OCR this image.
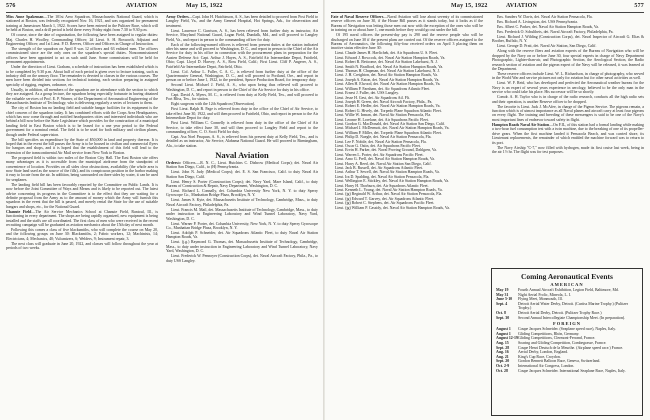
576	AVIATION	May 15, 1922

Miss Anne Spakeman—The 101st Aero Squadron, Massachusetts National Guard, which is stationed at Boston, was federally recognized Nov. 16, 1921, and was organized for permanent training at Jamestown March 1, 1922. Scores have been entered in the Pulitzer Race, which will be held at Boston, and a drill period is held there every Friday night from 7.30 to 9.30 p.m.

Of course, since the date of organization, the following have been assigned to regular duties: Maj. Charles H. Woolley, Commanding Officer; 2d Lieut. S. H. Bosworth, Adjutant and Engineering Officer; and 1st Lieut. P. D. Reeves, Officer and Officers in Charge of Instruction.

The strength of the squadron on April 8 was 12 officers and 63 enlisted men. The officers commissioned since are the only ones on the squadron's special duties. Noncommissioned officers have been appointed to act as such until June. Some commissions will be held for permanent appointments.

Under the direction of Lieut. Graham, a schedule of instruction has been established which is to be completed by 9.30 p.m. About half of each period is given over to lecture training, such as industry drill on the armory floor. The remainder is devoted to classes in the various courses. The men have been divided into sections for technical training, each section preparing in assigned specialty of rigging, engines, ordnance, etc.

Usually, in addition, all members of the squadron are in attendance with the section to which they are assigned. As a group lecture, the squadron being especially fortunate in having obtained the valuable services of Prof. E. P. Warner, of the Department of Aeronautical Engineering of the Massachusetts Institute of Technology, who is delivering regularly a series of lectures to them.

The city of Boston has no landing field and suitable hangar facilities for its equipment is the chief concern of the squadron today. It has combined efforts with the Corps Area Headquarters, which has now come through and notified headquarters cities and interested individuals who are behind a bill now before the State Legislature which provides for the construction of a municipal landing field in East Boston which is to be leased for a one year period to the Federal government for a nominal rental. The field is to be used for both military and civilian planes, though under Federal supervision.

The bill specifies an expenditure by the State of $50,000 in land and property thereon. It is hoped that in the event the bill passes the Army is to be housed in civilian and commercial flyers for hangars and shops, and it is hoped that the establishment of this field will lead to the extension of the transcontinental Air Mail service from New York to Boston.

The proposed field is within two miles of the Boston City Hall. The East Boston site offers many advantages as it is accessible from the municipal airdrome from the standpoint of convenience of location. Provides on all sides clear obstructions, availability (the whole area is now State land used as the source of the fills), and its conspicuous position in the harbor making it easy to locate from the air. In addition, being surrounded on three sides by water, it can be used for seaplanes.

The landing field bill has been favorably reported by the Committee on Public Lands. It is now before the Joint Committee of Ways and Means and is likely to be reported out. The latest advice concerning its progress in the Committee is to the effect that they are waiting for a definite proposal from the Army as to the amount of money which the Army will furnish this squadron in the event that the bill is passed, and merely rental the State for the use of suitable hangars and shops, etc., for the National Guard.

Chanute Field—The Air Service Mechanics School at Chanute Field, Rantoul, Ill., is functioning in every department. The shops are being rapidly organized, new equipment is being installed and the staffs are all coordinated. The first class of men who were received in the recent recruiting campaign will be graduated as aviation mechanics about the 15th day of next month.

Following this comes a class of five blacksmiths, who will complete the course on May 20, and the following groups on June 30: Blacksmiths, 2; Fabric workers, 12; Machinists, 14; Electricians, 4; Mechanics, 40; Vulcanizers, 6; Welders, 9; Instrument repair, 3.

The next class will graduate in June 20, 1922, and classes will follow throughout the year at periods of two weeks.

Army Orders—Capt. John H. Hutchinson, A. S., has been detailed to proceed from Post Field to Langley Field, Va., and the Army General Hospital, Hot Springs, Ark., for observation and treatment.

Lieut. Laurence C. Garrison, A. S., has been relieved from further duty as instructor, Air Service, Maryland National Guard, Logan Field, Dundalk, Md., and will proceed to Langley Field, Va., and report in person to the commanding officer for duty.

Each of the following-named officers is relieved from present duties at the station indicated after his name and will proceed to Washington, D. C., and report in person to the Chief of the Air Service for duty in his office in connection with the procurement plans in preparation for the Austen Defense Act: Capt. Arthur J. Hayes, A. S., Fairfield Air Intermediate Depot, Fairfield, Ohio; Capt. Lloyd D. Harvey, A. S., Ross Field, Calif.; First Lieut. Cliff P. Angerer, A. S., Fairfield Air Intermediate Depot, Fairfield, Ohio.

Lieut. Col. Arthur L. Fuller, C. A. C., is relieved from further duty at the office of the Quartermaster General, Washington, D. C., and will proceed to Portland, Ore., and report in person on or before June 1, 1922, to the president, Spruce Production Board, for temporary duty.

Second Lieut. Michael J. Fiehl, A. S., who upon being thus relieved will proceed to Washington, D. C., and report in person to the Chief of the Air Service for duty in his office.

Capt. David A. Myers, M. C., is relieved from duty at Kelly Field, Tex., and will proceed to Fort Bliss, Tex., for station.

Eight surgeons with the 12th Squadron (Observation).

First Lieut. Ralph B. Page is relieved from duty in the office of the Chief of Air Service, to take effect June 30, 1922, and will then proceed to Fairfield, Ohio, and report in person to the Air Intermediate Depot for duty.

First Lieut. William C. Connelly is relieved from duty in the office of the Chief of Air Service, to take effect June 30, and will then proceed to Langley Field and report to the commanding officer, C. O. Scott Field for duty.

Capt. Asa Noel Pasquan, A. S., is relieved from his present duty at Kelly Field, Tex., and is detailed as an instructor, Air Service, Alabama National Guard. He will proceed to Birmingham, Ala., to take station.

Naval Aviation

Ordersto Officers.—R. N. C., Lieut. Hutchins C. Disbrow (Medical Corps); det. Naval Air Station San Diego, Calif., to (H) Pennsylvania.

Lieut. John N. Judy (Medical Corps); det. E. S. San Francisco, Calif. to duty Naval Air Station San Diego, Calif.

Lieut. Henry S. Porter (Construction Corps); det. Navy Yard, Mare Island, Calif., to duty Bureau of Construction & Repair, Navy Department, Washington, D. C.

Lieut. Richard L. Connally, det. Columbia University New York, N. Y. to duty Sperry Gyroscope Co., Manhattan Bridge Plaza, Brooklyn, N. Y.

Lieut. James S. Kyte, det. Massachusetts Institute of Technology, Cambridge, Mass., to duty Naval Aircraft Factory, Philadelphia, Pa.

Lieut. Francis M. Mail, det. Massachusetts Institute of Technology, Cambridge, Mass., to duty under instruction in Engineering Laboratory and Wind Tunnel Laboratory, Navy Yard, Washington, D. C.

Lieut. Warner P. Porter, det. Columbia University, New York, N. Y. to duty Sperry Gyroscope Co., Manhattan Bridge Plaza, Brooklyn, N. Y.

Lieut. Adolph P. Schneider, det. Air Squadrons Atlantic Fleet, to duty Naval Air Station Hampton Roads, Va.

Lieut. (j.g.) Raymond G. Thomas, det. Massachusetts Institute of Technology, Cambridge, Mass., to duty under instruction in Engineering Laboratory and Wind Tunnel Laboratory, Navy Yard, Washington, D. C.

Lieut. Frederick W. Pennoyer (Construction Corps), det. Naval Aircraft Factory, Phila., Pa., to duty USS Langley.

May 15, 1922	AVIATION	577

Fate of Naval Reserve Officers—Naval Aviation will lose about seventy of its commissioned reserve officers on June 30, if the House Bill passes as it stands today, but it looks as if the Bureau of Navigation was letting those men out now with the exception of the ones who will be in training on or about June 1, one month before they would go out under the bill.

Of 195 naval officers the present-day pay is 290 and the reserve people who will be discharged on June 30 if the present plans are carried out. Of the reserve officers assigned to the Bureau of Aeronautics, the following fifty-four received orders on April 3 placing them on inactive status effective June 30:

Lieut. Claude James H. Havlichek, det. Air Squadrons U. S. Fleet.

Lieut. Edward J. Bowcock, det. Naval Air Station Hampton Roads, Va.

Lieut. Robert R. Bettcome, det. Naval Air Station Lakehurst, N. J.

Lieut. Smith N. Bradford, det. Naval Air Station Hampton Roads, Va.

Lieut. Thomas H. Chapman, det. Naval Air Station Lakehurst, N. J.

Lieut. J. H. Creighton, det. Naval Air Station Hampton Roads, Va.

Lieut. Joseph A. Eaton, det. Naval Air Station Hampton Roads, Va.

Lieut. Allen H. Elwood, det. Naval Air Station Hampton Roads, Va.

Lieut. William P. Farnham, det. Air Squadrons Atlantic Fleet.

Lieut. Ernest J. Fuller, det. USS Langley.

Lieut. Jesse H. Gest, det. Air Squadrons Atl. Flt.

Lieut. Joseph H. Green, det. Naval Aircraft Factory, Phila., Pa.

Lieut. Robert E. Hedler, det. Naval Air Station Hampton Roads, Va.

Lieut. Robert G. Hively, det. Torpedo Plane Squadron Atlantic Fleet.

Lieut. Willie W. Inman, det. Naval Air Station Pensacola, Fla.

Lieut. Leonne H. Lorelane, det. Air Squadrons Pacific Fleet.

Lieut. Gordon G. MacDonald, det. Naval Air Station San Diego, Calif.

Lieut. Michael J. McDermott, det. Naval Air Station Hampton Roads, Va.

Lieut. William P. Miller, det. Torpedo Plane Squadron Atlantic Fleet.

Lieut. Philip D. Naegle, det. Naval Air Station Pensacola, Fla.

Lieut. Lee F. Nobile, det. Naval Air Station Pensacola, Fla.

Lieut. Oscar G. Osiin, det. Air Squadrons Pacific Fleet.

Lieut. Ervin H. Parker, det. Naval Proving Ground, Dahlgren, Va.

Lieut. Warren L. Porter, det. Air Squadrons Pacific Fleet.

Lieut. Arno G. Prell, det. Naval Air Station Hampton Roads, Va.

Lieut. Harry A. Reed, det. Naval Air Station San Diego, Calif.

Lieut. Jack B. Russell, det. Air Squadrons Atlantic Fleet.

Lieut. Arthur T. Sewell, det. Naval Air Station Hampton Roads, Va.

Lieut. Ira D. Spalding, det. Naval Air Station Pensacola, Fla.

Lieut. Wellington E. Stickley, det. Naval Air Station Hampton Roads, Va.

Lieut. Harry H. Thorburn, det. Air Squadrons Atlantic Fleet.

Lieut. Kenneth L. Young, det. Naval Air Station Hampton Roads, Va.

Lieut. (jg) Reginald W. Arthur, det. Naval Air Station Pensacola, Fla.

Lieut. (jg) Edward T. Garvey, det. Air Squadrons Atlantic Fleet.

Lieut. (jg) Robert C. Stephens, det. Air Squadrons Pacific Fleet.

Lieut. (jg) William P. Cassidy, det. Naval Air Station Hampton Roads, Va.

Ens. Sanders W. Davis, det. Naval Air Station Pensacola, Fla.

Ens. Richard A. Livingston, det. USS Pennsylvania.

Ens. Albert C. Parker, det. Naval Air Station Hampton Roads, Va.

Ens. Frederick O. Schultheis, det. Naval Aircraft Factory, Philadelphia, Pa.

Lieut. Richard J. Wilding (Construction Corps), det. Naval Inspector of Aircraft G. Elias & Brother, Buffalo, N. Y.

Lieut. George D. Pratt, det. Naval Air Station, San Diego, Calif.

Along with the reserve fliers and aviation experts of the Bureau of Navigation who will be dropped by the Navy on or before June 30, four special experts in charge of Navy Department Photographic, Lighter-than-air, and Photographic Section, the Aerological Section, the Radio research section of aviation and the pigeon expert of the Navy will be released, it was learned at the Department.

These reserve officers include Lieut. W. L. Richardson, in charge of photography, who served in the World War and service pictures not only for aviation but for other naval activities as well.

Lieut. W. F. Reid, who has developed and perfected the Aeronautical weather bureau for the Navy is an expert of several years experience in aerology, believed to be the only man in the service who could take his place. His successor will be so shortly.

Comdr. A. H. Taylor who is in charge of the radio research, conducts all the high radio sets and their operation, is another Reserve officer to be dropped.

The favorite is Lieut. Jack J. McAfee, in charge of the Pigeon Service. The pigeons remain, a function which is of utmost importance as all Naval planes and aircraft carry at least four pigeons on every flight. The training and breeding of these messengers is said to be one of the Navy's most important lines of endeavor toward safety in flight.

Hampton Roads Naval Air Station—On F.IL, of this station had a formal landing while making a two-hour fuel consumption test with a twin machine, due to the breaking of one of its propeller-drive gears. When the first machine landed it Pensacola Beach, and was carried shore, its Lieutenant replacements, the remainder of which enabled the machine forward was to return to its port.

The Navy Airship "C-7," now filled with hydrogen, made its first cruise last week, being in the air 1½ hr. The flight was for test purposes.

Coming Aeronautical Events
AMERICAN
May 19 Fourth Annual Aircraft Exhibition, Legion Field, Baltimore, Md.
May 31 Night Aerial Frolic, Mineola, L. I.
June 5-10 Flying Meet, Monmouth, Ill.
Sept. 4	Detroit Aerial Water Derby, Detroit. (Curtiss Marine Trophy.) (Pulitzer Trophy.)
Oct. 8	Detroit Aerial Derby, Detroit. (Pulitzer Trophy Race.)
Sept. 30 Second Annual Intercollegiate Championship Meet. (In preparation).
FOREIGN
August 1 Coupe Jacques Schneider. (Seaplane speed race), Naples, Italy.
August 1 Gliding Competitions, Rhön, Germany.
August 12-19 Gliding Competitions, Clermont-Ferrand, France.
Aug. 15 Soaring and Gliding Competition, Combegrasse, France.
Sept. 28 Coupe Henri Deutsch de la Meurthe. (Airplane speed race.) France.
Aug. 16 Aerial Derby, London, England.
Aug. 21 King's Cup Race, Croydon.
Sept. 20 Gordon Bennett Balloon Race, Geneva, Switzerland.
Oct. 2-9 International Air Congress, London.
Oct. 28	Coupe Jacques Schneider. International Seaplane Race, Naples, Italy.
